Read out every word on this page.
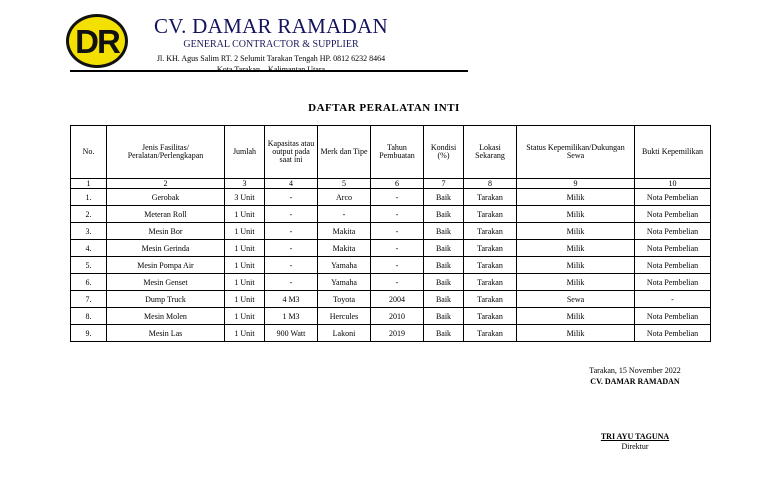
DR	CV. DAMAR RAMADAN
GENERAL CONTRACTOR & SUPPLIER
Jl. KH. Agus Salim RT. 2 Selumit Tarakan Tengah HP. 0812 6232 8464
Kota Tarakan – Kalimantan Utara
DAFTAR PERALATAN INTI
No.	Jenis Fasilitas/ Peralatan/Perlengkapan	Jumlah	Kapasitas atau output pada saat ini	Merk dan Tipe	Tahun Pembuatan	Kondisi (%)	Lokasi Sekarang	Status Kepemilikan/Dukungan Sewa	Bukti Kepemilikan
1	2	3	4	5	6	7	8	9	10
1.	Gerobak	3 Unit	-	Arco	-	Baik	Tarakan	Milik	Nota Pembelian
2.	Meteran Roll	1 Unit	-	-	-	Baik	Tarakan	Milik	Nota Pembelian
3.	Mesin Bor	1 Unit	-	Makita	-	Baik	Tarakan	Milik	Nota Pembelian
4.	Mesin Gerinda	1 Unit	-	Makita	-	Baik	Tarakan	Milik	Nota Pembelian
5.	Mesin Pompa Air	1 Unit	-	Yamaha	-	Baik	Tarakan	Milik	Nota Pembelian
6.	Mesin Genset	1 Unit	-	Yamaha	-	Baik	Tarakan	Milik	Nota Pembelian
7.	Dump Truck	1 Unit	4 M3	Toyota	2004	Baik	Tarakan	Sewa	-
8.	Mesin Molen	1 Unit	1 M3	Hercules	2010	Baik	Tarakan	Milik	Nota Pembelian
9.	Mesin Las	1 Unit	900 Watt	Lakoni	2019	Baik	Tarakan	Milik	Nota Pembelian
Tarakan, 15 November 2022
CV. DAMAR RAMADAN
TRI AYU TAGUNA
Direktur
